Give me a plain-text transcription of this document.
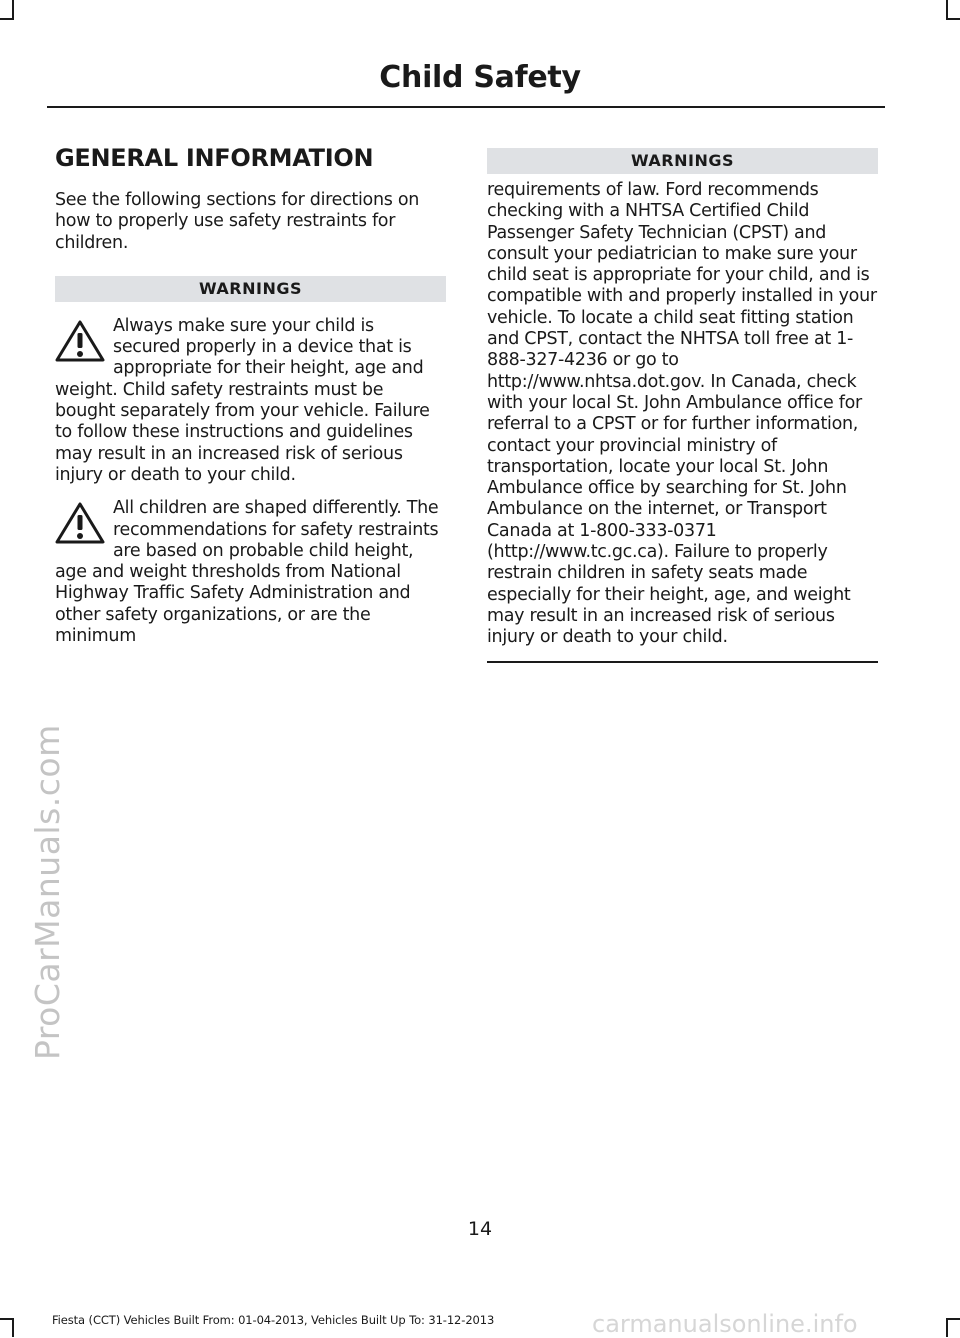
Child Safety
GENERAL INFORMATION

See the following sections for directions on how to properly use safety restraints for children.

WARNINGS

Always make sure your child is secured properly in a device that is appropriate for their height, age and weight. Child safety restraints must be bought separately from your vehicle. Failure to follow these instructions and guidelines may result in an increased risk of serious injury or death to your child.

All children are shaped differently. The recommendations for safety restraints are based on probable child height, age and weight thresholds from National Highway Traffic Safety Administration and other safety organizations, or are the minimum

WARNINGS

requirements of law. Ford recommends checking with a NHTSA Certified Child Passenger Safety Technician (CPST) and consult your pediatrician to make sure your child seat is appropriate for your child, and is compatible with and properly installed in your vehicle. To locate a child seat fitting station and CPST, contact the NHTSA toll free at 1-888-327-4236 or go to http://www.nhtsa.dot.gov. In Canada, check with your local St. John Ambulance office for referral to a CPST or for further information, contact your provincial ministry of transportation, locate your local St. John Ambulance office by searching for St. John Ambulance on the internet, or Transport Canada at 1-800-333-0371 (http://www.tc.gc.ca). Failure to properly restrain children in safety seats made especially for their height, age, and weight may result in an increased risk of serious injury or death to your child.

14
Fiesta (CCT) Vehicles Built From: 01-04-2013, Vehicles Built Up To: 31-12-2013
ProCarManuals.com
carmanualsonline.info
